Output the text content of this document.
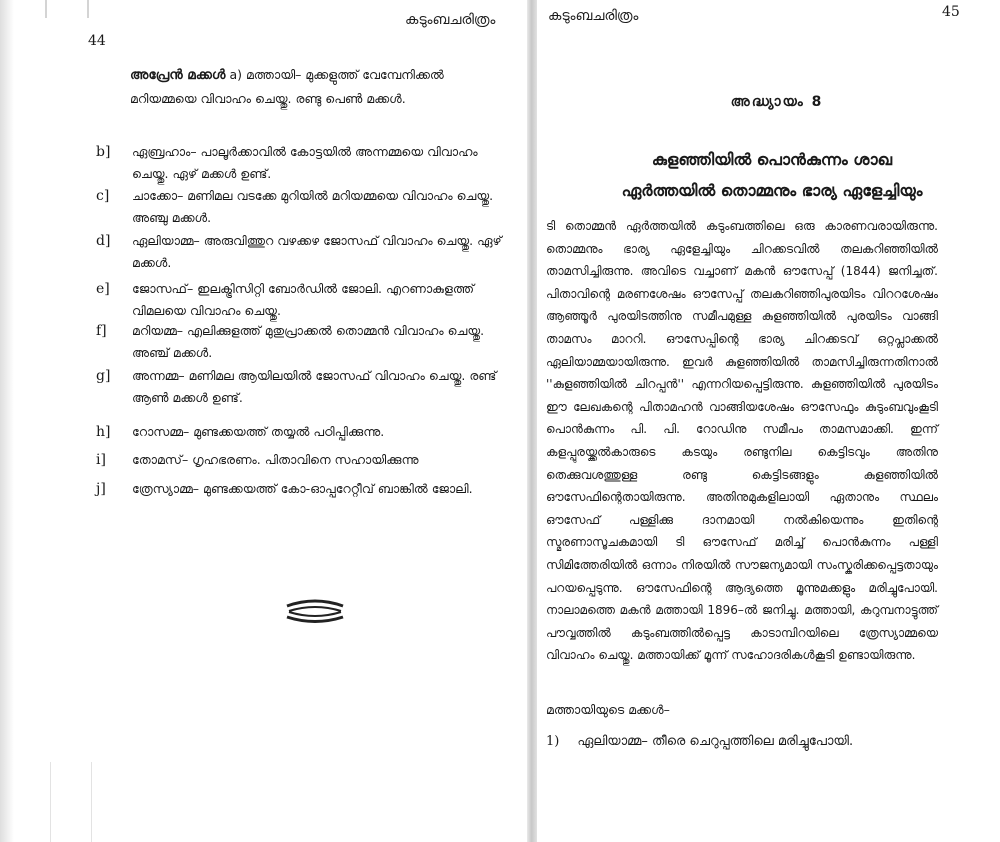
44
കടുംബചരിത്രം
അപ്രേൻ മക്കൾ a) മത്തായി– മുക്കളുത്ത് വേമ്പേനിക്കൽ മറിയമ്മയെ വിവാഹം ചെയ്തു. രണ്ടു പെൺ മക്കൾ.
b]	ഏബ്രഹാം– പാലൂർക്കാവിൽ കോട്ടയിൽ അന്നമ്മയെ വിവാഹം ചെയ്തു. ഏഴ് മക്കൾ ഉണ്ട്.
c]	ചാക്കോ– മണിമല വടക്കേ മുറിയിൽ മറിയമ്മയെ വിവാഹം ചെയ്തു. അഞ്ചു മക്കൾ.
d]	ഏലിയാമ്മ– അരുവിത്തുറ വഴക്കഴ ജോസഫ് വിവാഹം ചെയ്തു. ഏഴ് മക്കൾ.
e]	ജോസഫ്– ഇലക്ട്രിസിറ്റി ബോർഡിൽ ജോലി. എറണാകുളത്ത് വിമലയെ വിവാഹം ചെയ്തു.
f]	മറിയമ്മ– എലിക്കുളത്ത് മുതുപ്രാക്കൽ തൊമ്മൻ വിവാഹം ചെയ്തു. അഞ്ച് മക്കൾ.
g]	അന്നമ്മ– മണിമല ആയിലയിൽ ജോസഫ് വിവാഹം ചെയ്തു. രണ്ട് ആൺ മക്കൾ ഉണ്ട്.
h]	റോസമ്മ– മുണ്ടക്കയത്ത് തയ്യൽ പഠിപ്പിക്കുന്നു.
i]	തോമസ്– ഗൃഹഭരണം. പിതാവിനെ സഹായിക്കുന്നു
j]	ത്രേസ്യാമ്മ– മുണ്ടക്കയത്ത് കോ-ഓപ്പറേറ്റീവ് ബാങ്കിൽ ജോലി.
കടുംബചരിത്രം	45
അദ്ധ്യായം 8
കുളഞ്ഞിയിൽ പൊൻകുന്നം ശാഖ
ഏർത്തയിൽ തൊമ്മനും ഭാര്യ ഏളേച്ചിയും
ടി തൊമ്മൻ ഏർത്തയിൽ കടുംബത്തിലെ ഒരു കാരണവരായിരുന്നു. തൊമ്മനും ഭാര്യ ഏളേച്ചിയും ചിറക്കടവിൽ തലകറിഞ്ഞിയിൽ താമസിച്ചിരുന്നു. അവിടെ വച്ചാണ് മകൻ ഔസേപ്പ് (1844) ജനിച്ചത്. പിതാവിന്റെ മരണശേഷം ഔസേപ്പ് തലകറിഞ്ഞിപുരയിടം വിററശേഷം ആഞ്ഞൂർ പുരയിടത്തിനു സമീപമുള്ള കുളഞ്ഞിയിൽ പുരയിടം വാങ്ങി താമസം മാററി. ഔസേപ്പിന്റെ ഭാര്യ ചിറക്കടവ് ഒറ്റപ്ലാക്കൽ ഏലിയാമ്മയായിരുന്നു. ഇവർ കുളഞ്ഞിയിൽ താമസിച്ചിരുന്നതിനാൽ ''കുളഞ്ഞിയിൽ ചിറപ്പൻ'' എന്നറിയപ്പെട്ടിരുന്നു. കുളഞ്ഞിയിൽ പുരയിടം ഈ ലേഖകന്റെ പിതാമഹൻ വാങ്ങിയശേഷം ഔസേഫും കുടുംബവുംകൂടി പൊൻകുന്നം പി. പി. റോഡിനു സമീപം താമസമാക്കി. ഇന്ന് കളപ്പുരയ്ക്കൽകാരുടെ കടയും രണ്ടുനില കെട്ടിടവും അതിനു തെക്കുവശത്തുള്ള രണ്ടു കെട്ടിടങ്ങളും കുളഞ്ഞിയിൽ ഔസേഫിന്റെതായിരുന്നു. അതിനുമുകളിലായി ഏതാനും സ്ഥലം ഔസേഫ് പള്ളിക്കു ദാനമായി നൽകിയെന്നും ഇതിന്റെ സ്മരണാസൂചകമായി ടി ഔസേഫ് മരിച്ച് പൊൻകുന്നം പള്ളി സിമിത്തേരിയിൽ ഒന്നാം നിരയിൽ സൗജന്യമായി സംസ്കരിക്കപ്പെട്ടതായും പറയപ്പെടുന്നു. ഔസേഫിന്റെ ആദ്യത്തെ മൂന്നുമക്കളും മരിച്ചുപോയി. നാലാമത്തെ മകൻ മത്തായി 1896–ൽ ജനിച്ചു. മത്തായി, കറുമ്പനാട്ടുത്ത് പൗവ്വത്തിൽ കടുംബത്തിൽപ്പെട്ട കാടാമ്പിറയിലെ ത്രേസ്യാമ്മയെ വിവാഹം ചെയ്തു. മത്തായിക്ക് മൂന്ന് സഹോദരികൾകൂടി ഉണ്ടായിരുന്നു.
മത്തായിയുടെ മക്കൾ–
1) ഏലിയാമ്മ– തീരെ ചെറുപ്പത്തിലെ മരിച്ചുപോയി.
